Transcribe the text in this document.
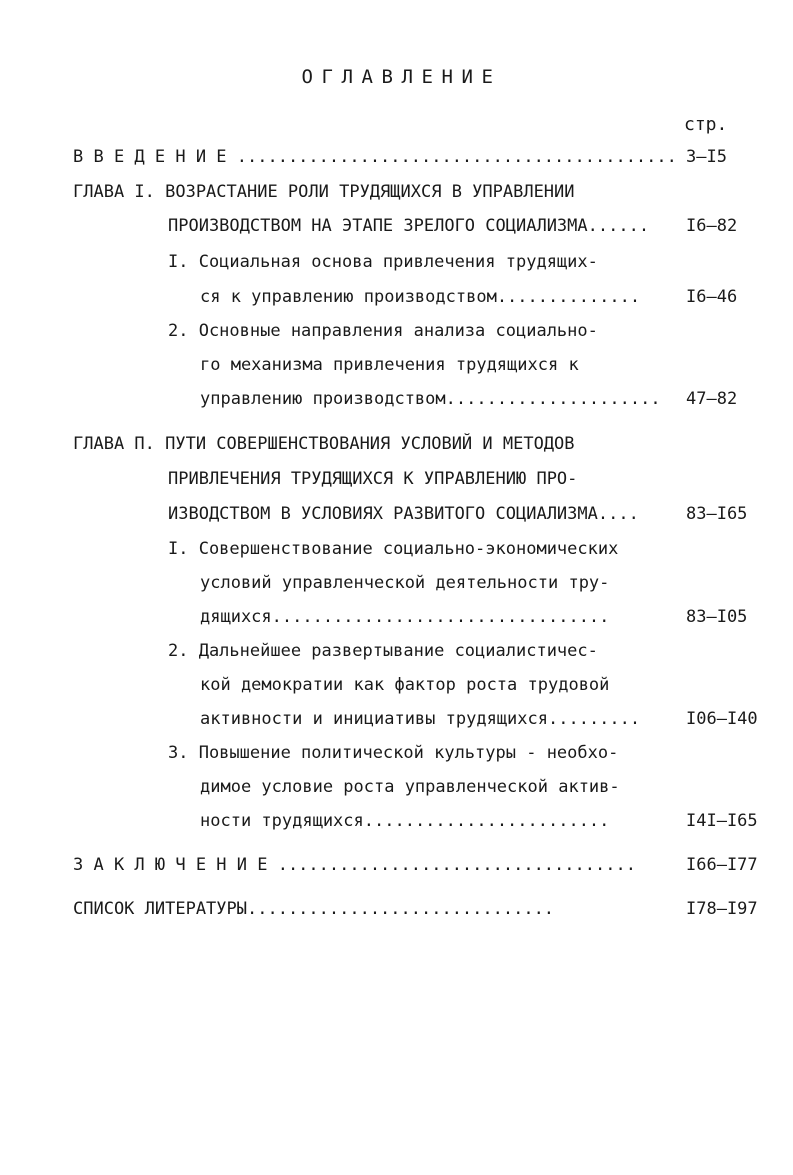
ОГЛАВЛЕНИЕ
стр.
В В Е Д Е Н И Е ........................................... 3–I5
ГЛАВА I. ВОЗРАСТАНИЕ РОЛИ ТРУДЯЩИХСЯ В УПРАВЛЕНИИ
ПРОИЗВОДСТВОМ НА ЭТАПЕ ЗРЕЛОГО СОЦИАЛИЗМА...... I6–82
I. Социальная основа привлечения трудящих-
ся к управлению производством..............	I6–46
2. Основные направления анализа социально-
го механизма привлечения трудящихся к
управлению производством..................... 47–82
ГЛАВА П. ПУТИ СОВЕРШЕНСТВОВАНИЯ УСЛОВИЙ И МЕТОДОВ
ПРИВЛЕЧЕНИЯ ТРУДЯЩИХСЯ К УПРАВЛЕНИЮ ПРО-
ИЗВОДСТВОМ В УСЛОВИЯХ РАЗВИТОГО СОЦИАЛИЗМА....	83–I65
I. Совершенствование социально-экономических
условий управленческой деятельности тру-
дящихся.................................	83–I05
2. Дальнейшее развертывание социалистичес-
кой демократии как фактор роста трудовой
активности и инициативы трудящихся.........	I06–I40
3. Повышение политической культуры - необхо-
димое условие роста управленческой актив-
ности трудящихся........................	I4I–I65
З А К Л Ю Ч Е Н И Е ...................................	I66–I77
СПИСОК ЛИТЕРАТУРЫ..............................	I78–I97
